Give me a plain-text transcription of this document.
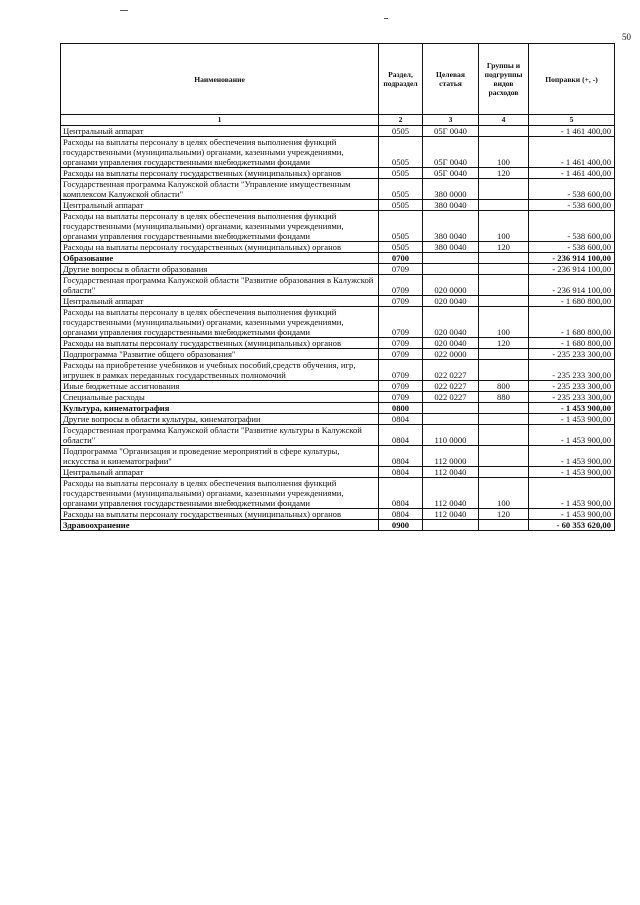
50
Наименование	Раздел, подраздел	Целевая статья	Группы и подгруппы видов расходов	Поправки (+, -)
1	2	3	4	5
Центральный аппарат	0505	05Г 0040		- 1 461 400,00
Расходы на выплаты персоналу в целях обеспечения выполнения функций государственными (муниципальными) органами, казенными учреждениями, органами управления государственными внебюджетными фондами	0505	05Г 0040	100	- 1 461 400,00
Расходы на выплаты персоналу государственных (муниципальных) органов	0505	05Г 0040	120	- 1 461 400,00
Государственная программа Калужской области "Управление имущественным комплексом Калужской области"	0505	380 0000		- 538 600,00
Центральный аппарат	0505	380 0040		- 538 600,00
Расходы на выплаты персоналу в целях обеспечения выполнения функций государственными (муниципальными) органами, казенными учреждениями, органами управления государственными внебюджетными фондами	0505	380 0040	100	- 538 600,00
Расходы на выплаты персоналу государственных (муниципальных) органов	0505	380 0040	120	- 538 600,00
Образование	0700			- 236 914 100,00
Другие вопросы в области образования	0709			- 236 914 100,00
Государственная программа Калужской области "Развитие образования в Калужской области"	0709	020 0000		- 236 914 100,00
Центральный аппарат	0709	020 0040		- 1 680 800,00
Расходы на выплаты персоналу в целях обеспечения выполнения функций государственными (муниципальными) органами, казенными учреждениями, органами управления государственными внебюджетными фондами	0709	020 0040	100	- 1 680 800,00
Расходы на выплаты персоналу государственных (муниципальных) органов	0709	020 0040	120	- 1 680 800,00
Подпрограмма "Развитие общего образования"	0709	022 0000		- 235 233 300,00
Расходы на приобретение учебников и учебных пособий,средств обучения, игр, игрушек в рамках переданных государственных полномочий	0709	022 0227		- 235 233 300,00
Иные бюджетные ассигнования	0709	022 0227	800	- 235 233 300,00
Специальные расходы	0709	022 0227	880	- 235 233 300,00
Культура, кинематография	0800			- 1 453 900,00
Другие вопросы в области культуры, кинематографии	0804			- 1 453 900,00
Государственная программа Калужской области "Развитие культуры в Калужской области"	0804	110 0000		- 1 453 900,00
Подпрограмма "Организация и проведение мероприятий в сфере культуры, искусства и кинематографии"	0804	112 0000		- 1 453 900,00
Центральный аппарат	0804	112 0040		- 1 453 900,00
Расходы на выплаты персоналу в целях обеспечения выполнения функций государственными (муниципальными) органами, казенными учреждениями, органами управления государственными внебюджетными фондами	0804	112 0040	100	- 1 453 900,00
Расходы на выплаты персоналу государственных (муниципальных) органов	0804	112 0040	120	- 1 453 900,00
Здравоохранение	0900			- 60 353 620,00
